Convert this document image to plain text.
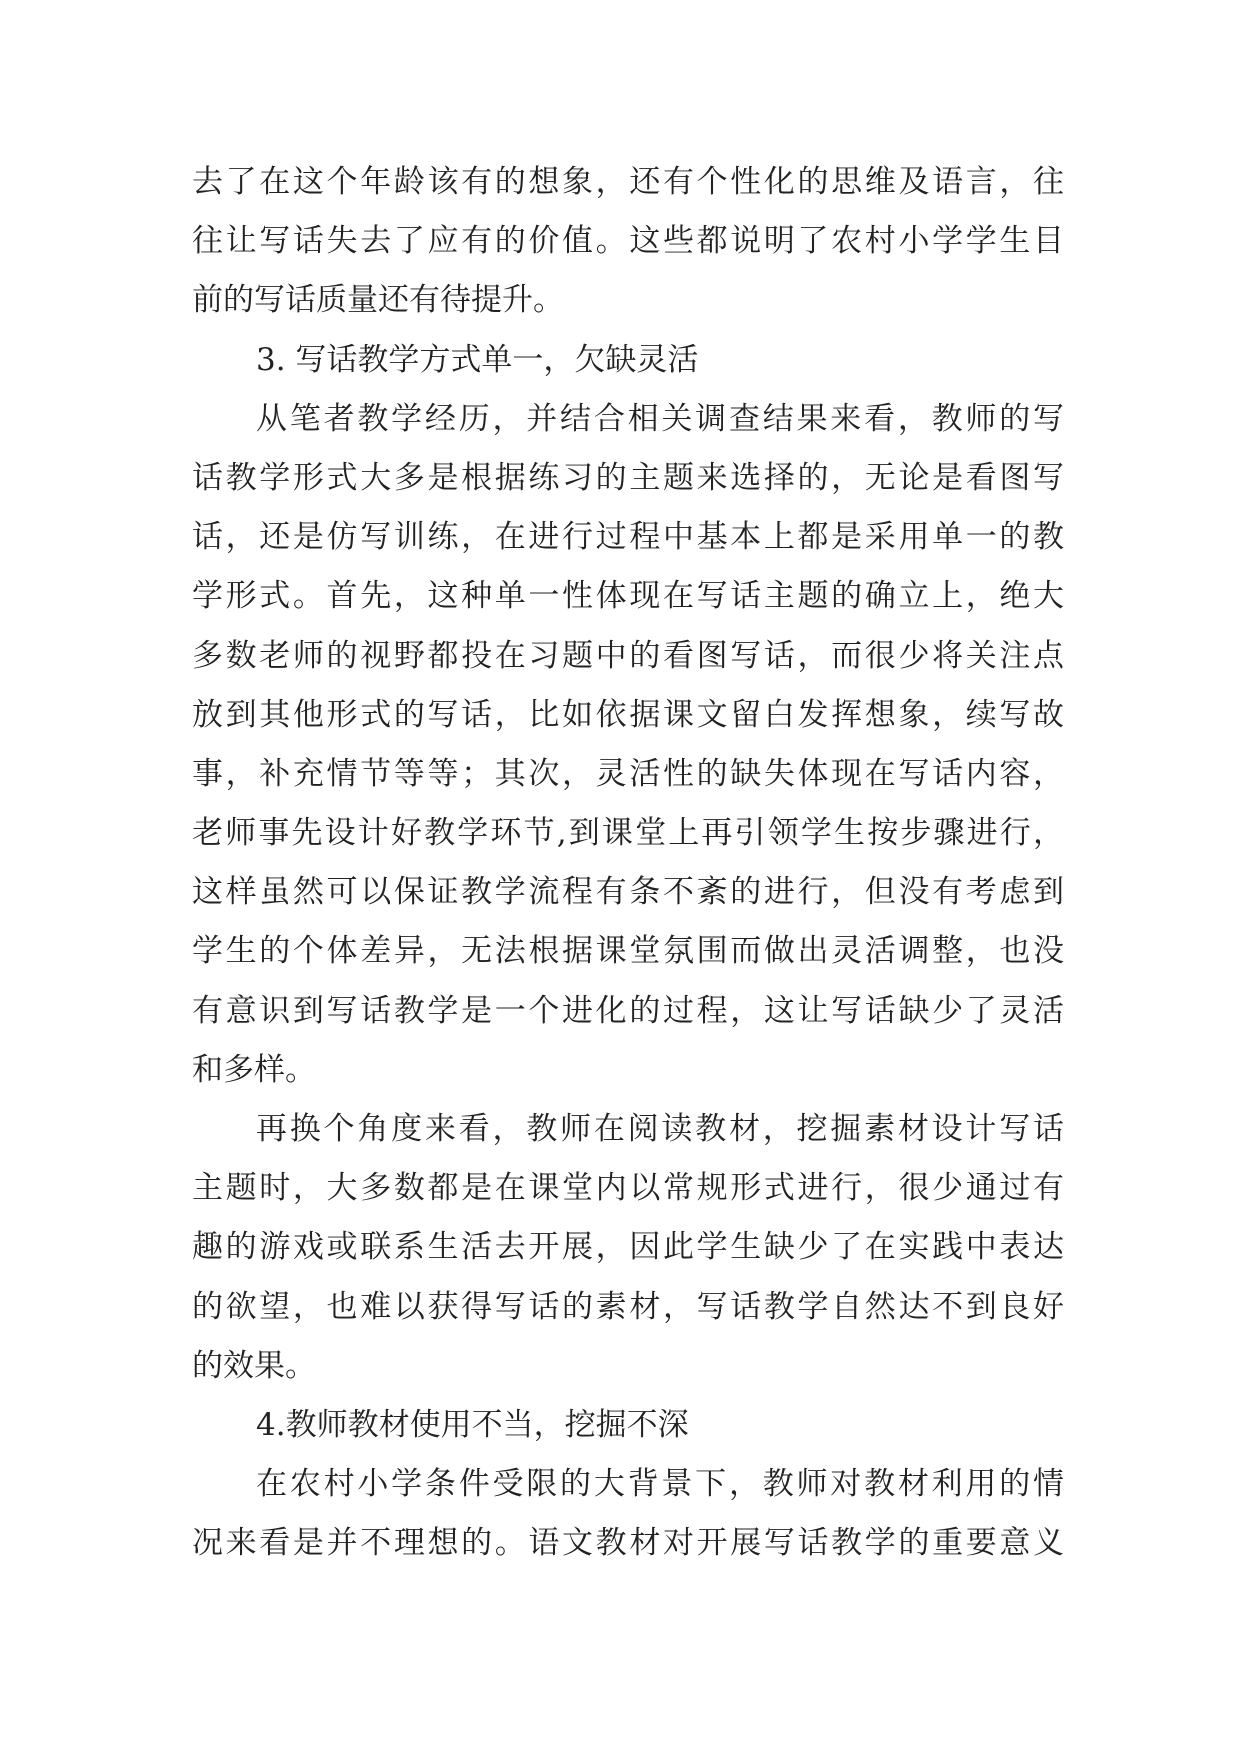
去了在这个年龄该有的想象，还有个性化的思维及语言，往
往让写话失去了应有的价值。这些都说明了农村小学学生目
前的写话质量还有待提升。
3. 写话教学方式单一，欠缺灵活
从笔者教学经历，并结合相关调查结果来看，教师的写
话教学形式大多是根据练习的主题来选择的，无论是看图写
话，还是仿写训练，在进行过程中基本上都是采用单一的教
学形式。首先，这种单一性体现在写话主题的确立上，绝大
多数老师的视野都投在习题中的看图写话，而很少将关注点
放到其他形式的写话，比如依据课文留白发挥想象，续写故
事，补充情节等等；其次，灵活性的缺失体现在写话内容，
老师事先设计好教学环节,到课堂上再引领学生按步骤进行，
这样虽然可以保证教学流程有条不紊的进行，但没有考虑到
学生的个体差异，无法根据课堂氛围而做出灵活调整，也没
有意识到写话教学是一个进化的过程，这让写话缺少了灵活
和多样。
再换个角度来看，教师在阅读教材，挖掘素材设计写话
主题时，大多数都是在课堂内以常规形式进行，很少通过有
趣的游戏或联系生活去开展，因此学生缺少了在实践中表达
的欲望，也难以获得写话的素材，写话教学自然达不到良好
的效果。
4.教师教材使用不当，挖掘不深
在农村小学条件受限的大背景下，教师对教材利用的情
况来看是并不理想的。语文教材对开展写话教学的重要意义
